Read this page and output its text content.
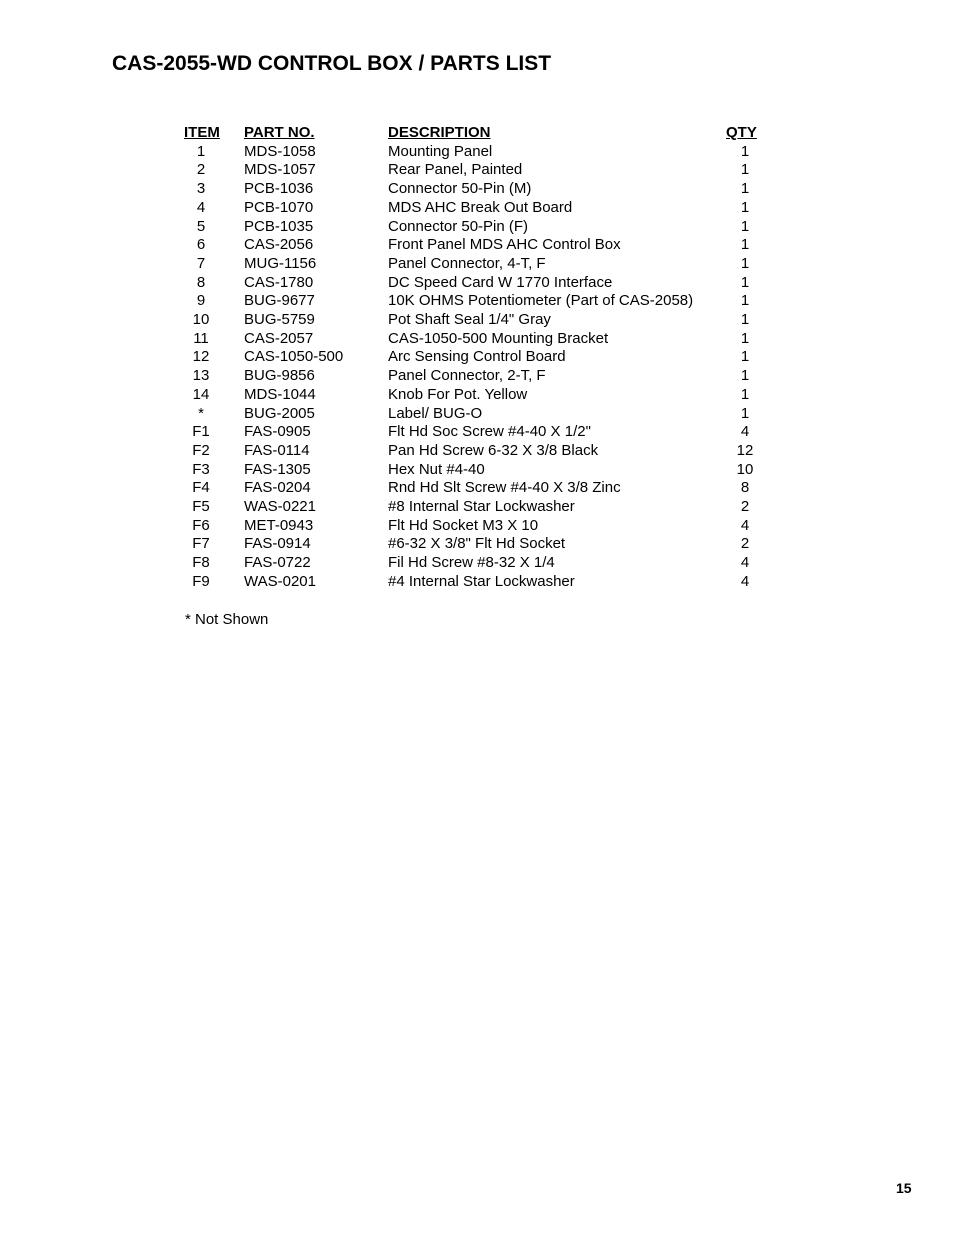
CAS-2055-WD CONTROL BOX / PARTS LIST
ITEM	PART NO.	DESCRIPTION	QTY
1	MDS-1058	Mounting Panel	1
2	MDS-1057	Rear Panel, Painted	1
3	PCB-1036	Connector 50-Pin (M)	1
4	PCB-1070	MDS AHC Break Out Board	1
5	PCB-1035	Connector 50-Pin (F)	1
6	CAS-2056	Front Panel MDS AHC Control Box	1
7	MUG-1156	Panel Connector, 4-T, F	1
8	CAS-1780	DC Speed Card W 1770 Interface	1
9	BUG-9677	10K OHMS Potentiometer (Part of CAS-2058)	1
10	BUG-5759	Pot Shaft Seal 1/4" Gray	1
11	CAS-2057	CAS-1050-500 Mounting Bracket	1
12	CAS-1050-500	Arc Sensing Control Board	1
13	BUG-9856	Panel Connector, 2-T, F	1
14	MDS-1044	Knob For Pot. Yellow	1
*	BUG-2005	Label/ BUG-O	1
F1	FAS-0905	Flt Hd Soc Screw #4-40 X 1/2"	4
F2	FAS-0114	Pan Hd Screw 6-32 X 3/8 Black	12
F3	FAS-1305	Hex Nut #4-40	10
F4	FAS-0204	Rnd Hd Slt Screw #4-40 X 3/8 Zinc	8
F5	WAS-0221	#8 Internal Star Lockwasher	2
F6	MET-0943	Flt Hd Socket M3 X 10	4
F7	FAS-0914	#6-32 X 3/8" Flt Hd Socket	2
F8	FAS-0722	Fil Hd Screw #8-32 X 1/4	4
F9	WAS-0201	#4 Internal Star Lockwasher	4
* Not Shown
15
